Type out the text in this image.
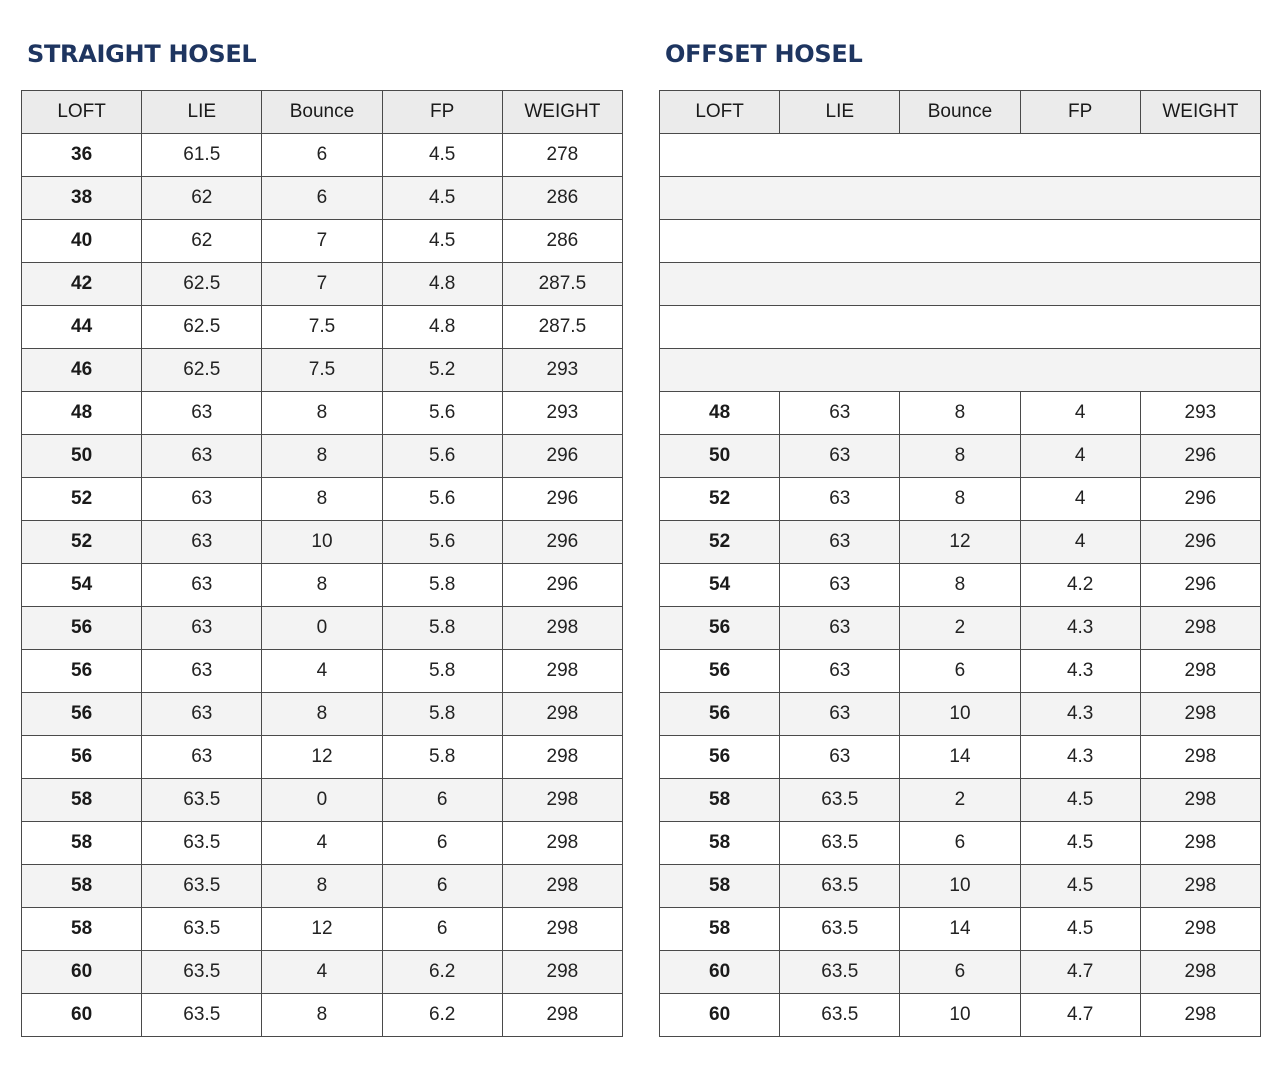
STRAIGHT HOSEL
LOFT	LIE	Bounce	FP	WEIGHT
36	61.5	6	4.5	278
38	62	6	4.5	286
40	62	7	4.5	286
42	62.5	7	4.8	287.5
44	62.5	7.5	4.8	287.5
46	62.5	7.5	5.2	293
48	63	8	5.6	293
50	63	8	5.6	296
52	63	8	5.6	296
52	63	10	5.6	296
54	63	8	5.8	296
56	63	0	5.8	298
56	63	4	5.8	298
56	63	8	5.8	298
56	63	12	5.8	298
58	63.5	0	6	298
58	63.5	4	6	298
58	63.5	8	6	298
58	63.5	12	6	298
60	63.5	4	6.2	298
60	63.5	8	6.2	298
OFFSET HOSEL
LOFT	LIE	Bounce	FP	WEIGHT

48	63	8	4	293
50	63	8	4	296
52	63	8	4	296
52	63	12	4	296
54	63	8	4.2	296
56	63	2	4.3	298
56	63	6	4.3	298
56	63	10	4.3	298
56	63	14	4.3	298
58	63.5	2	4.5	298
58	63.5	6	4.5	298
58	63.5	10	4.5	298
58	63.5	14	4.5	298
60	63.5	6	4.7	298
60	63.5	10	4.7	298
